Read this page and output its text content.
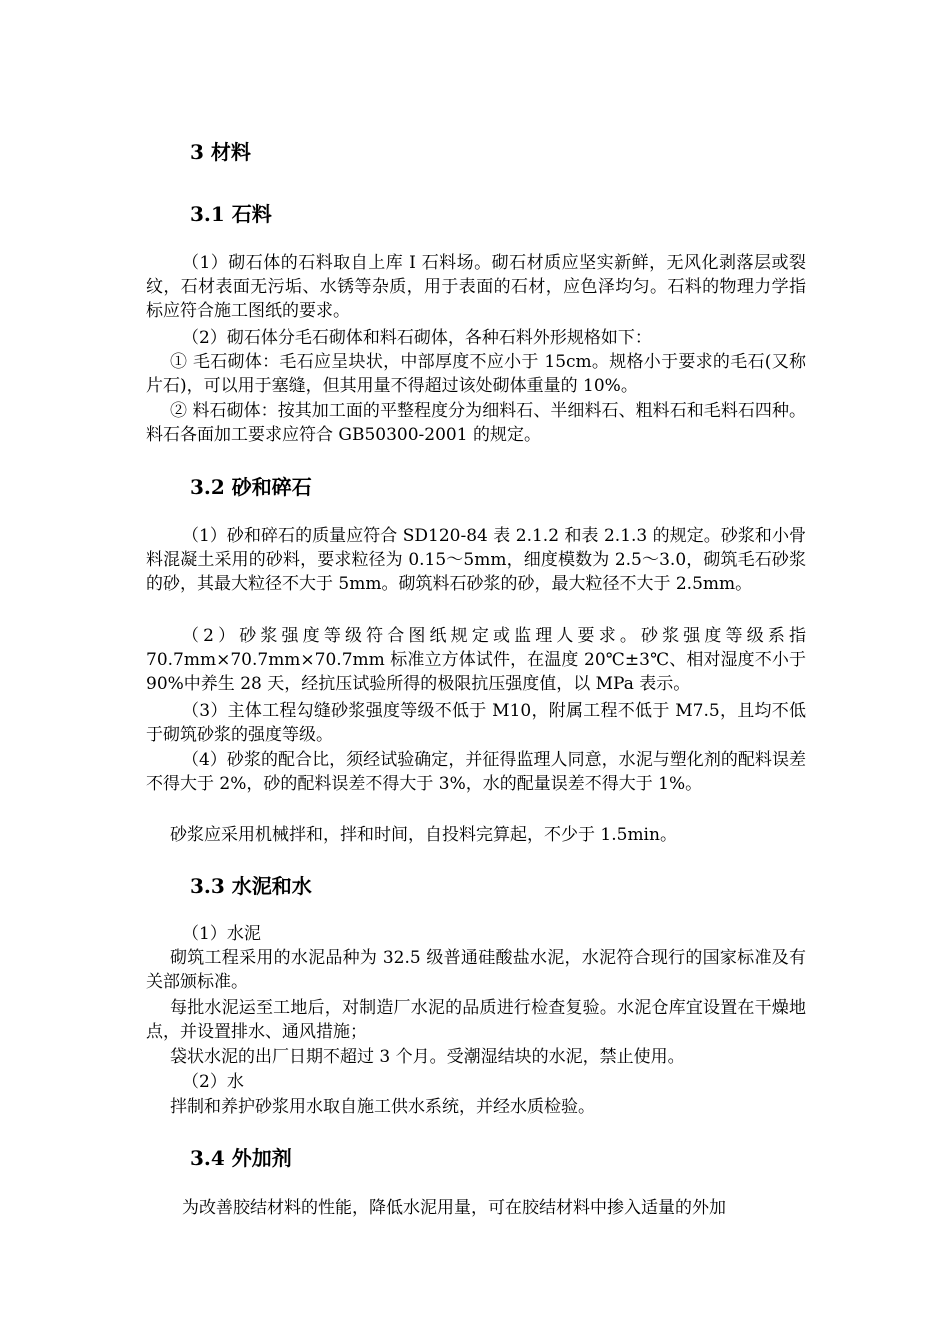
3 材料
3.1 石料
（1）砌石体的石料取自上库 I 石料场。砌石材质应坚实新鲜，无风化剥落层或裂纹，石材表面无污垢、水锈等杂质，用于表面的石材，应色泽均匀。石料的物理力学指标应符合施工图纸的要求。
（2）砌石体分毛石砌体和料石砌体，各种石料外形规格如下：
① 毛石砌体：毛石应呈块状，中部厚度不应小于 15cm。规格小于要求的毛石(又称片石)，可以用于塞缝，但其用量不得超过该处砌体重量的 10%。
② 料石砌体：按其加工面的平整程度分为细料石、半细料石、粗料石和毛料石四种。料石各面加工要求应符合 GB50300-2001 的规定。
3.2 砂和碎石
（1）砂和碎石的质量应符合 SD120-84 表 2.1.2 和表 2.1.3 的规定。砂浆和小骨料混凝土采用的砂料，要求粒径为 0.15～5mm，细度模数为 2.5～3.0，砌筑毛石砂浆的砂，其最大粒径不大于 5mm。砌筑料石砂浆的砂，最大粒径不大于 2.5mm。
（2）砂浆强度等级符合图纸规定或监理人要求。砂浆强度等级系指 70.7mm×70.7mm×70.7mm 标准立方体试件，在温度 20℃±3℃、相对湿度不小于 90%中养生 28 天，经抗压试验所得的极限抗压强度值，以 MPa 表示。
（3）主体工程勾缝砂浆强度等级不低于 M10，附属工程不低于 M7.5，且均不低于砌筑砂浆的强度等级。
（4）砂浆的配合比，须经试验确定，并征得监理人同意，水泥与塑化剂的配料误差不得大于 2%，砂的配料误差不得大于 3%，水的配量误差不得大于 1%。
砂浆应采用机械拌和，拌和时间，自投料完算起，不少于 1.5min。
3.3 水泥和水
（1）水泥
砌筑工程采用的水泥品种为 32.5 级普通硅酸盐水泥，水泥符合现行的国家标准及有关部颁标准。
每批水泥运至工地后，对制造厂水泥的品质进行检查复验。水泥仓库宜设置在干燥地点，并设置排水、通风措施；
袋状水泥的出厂日期不超过 3 个月。受潮湿结块的水泥，禁止使用。
（2）水
拌制和养护砂浆用水取自施工供水系统，并经水质检验。
3.4 外加剂
为改善胶结材料的性能，降低水泥用量，可在胶结材料中掺入适量的外加
